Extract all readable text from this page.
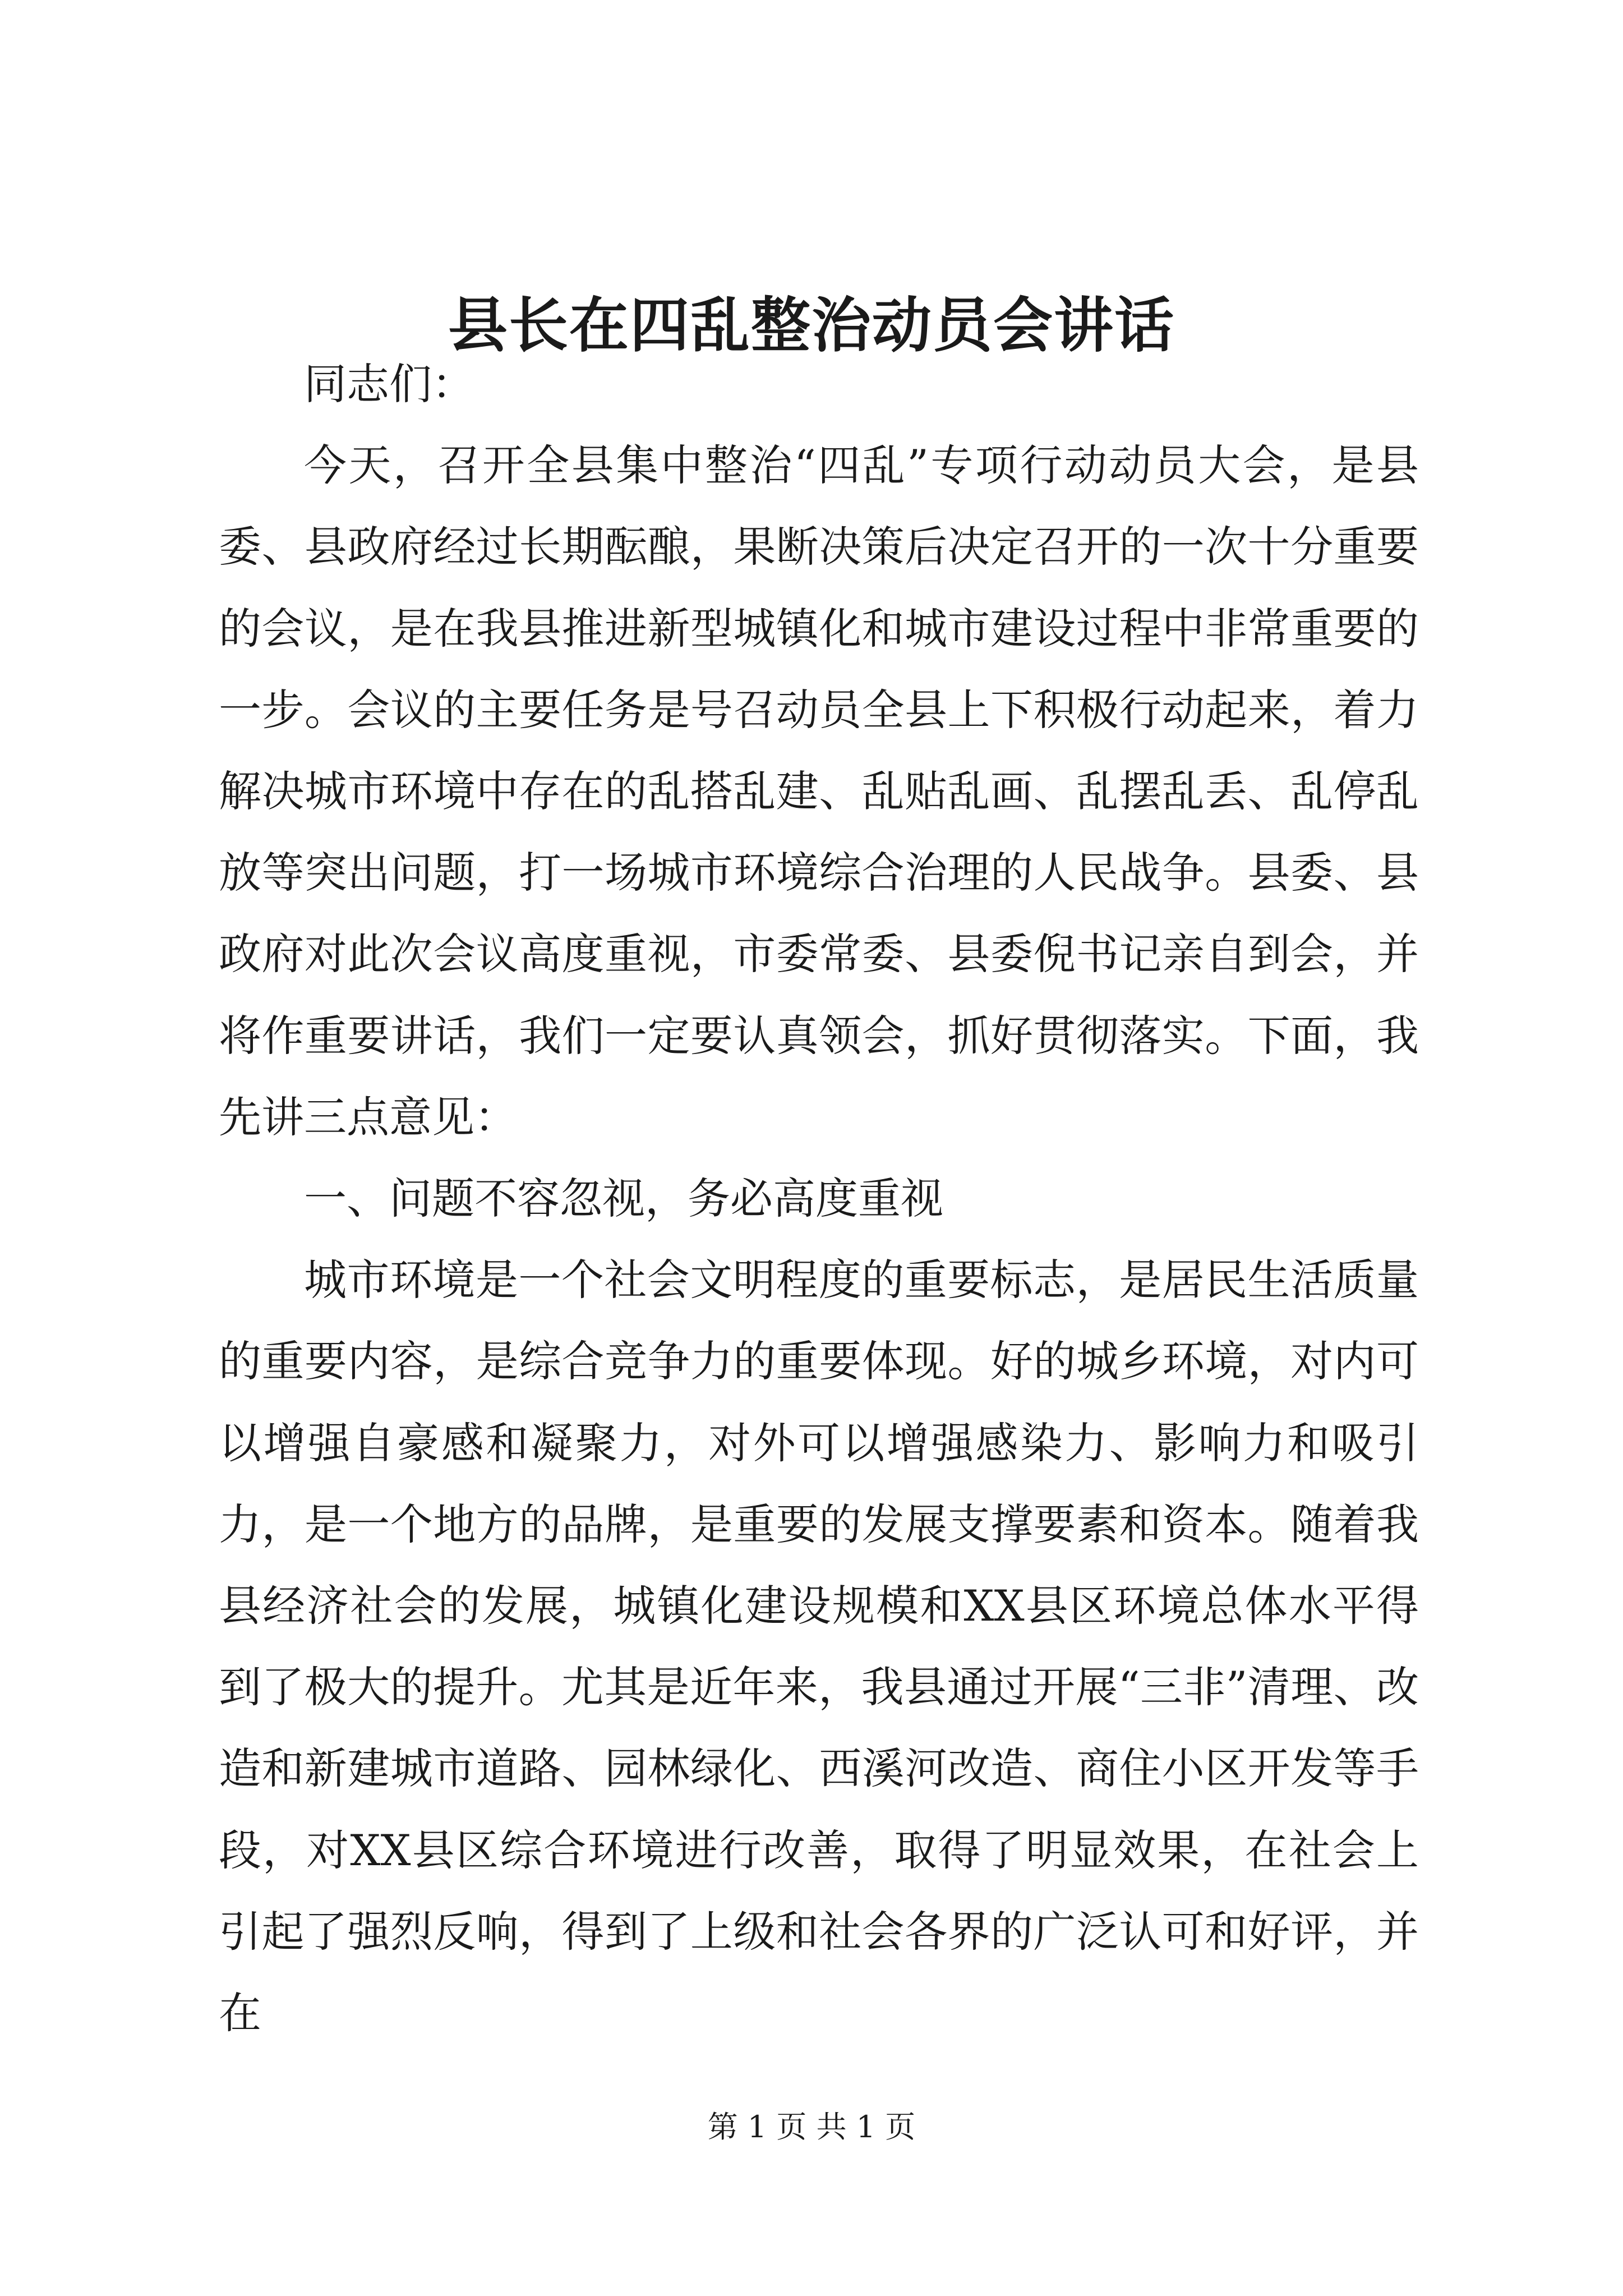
县长在四乱整治动员会讲话

同志们：

今天，召开全县集中整治“四乱”专项行动动员大会，是县委、县政府经过长期酝酿，果断决策后决定召开的一次十分重要的会议，是在我县推进新型城镇化和城市建设过程中非常重要的一步。会议的主要任务是号召动员全县上下积极行动起来，着力解决城市环境中存在的乱搭乱建、乱贴乱画、乱摆乱丢、乱停乱放等突出问题，打一场城市环境综合治理的人民战争。县委、县政府对此次会议高度重视，市委常委、县委倪书记亲自到会，并将作重要讲话，我们一定要认真领会，抓好贯彻落实。下面，我先讲三点意见：

一、问题不容忽视，务必高度重视

城市环境是一个社会文明程度的重要标志，是居民生活质量的重要内容，是综合竞争力的重要体现。好的城乡环境，对内可以增强自豪感和凝聚力，对外可以增强感染力、影响力和吸引力，是一个地方的品牌，是重要的发展支撑要素和资本。随着我县经济社会的发展，城镇化建设规模和XX县区环境总体水平得到了极大的提升。尤其是近年来，我县通过开展“三非”清理、改造和新建城市道路、园林绿化、西溪河改造、商住小区开发等手段，对XX县区综合环境进行改善，取得了明显效果，在社会上引起了强烈反响，得到了上级和社会各界的广泛认可和好评，并在

第 1 页 共 1 页
